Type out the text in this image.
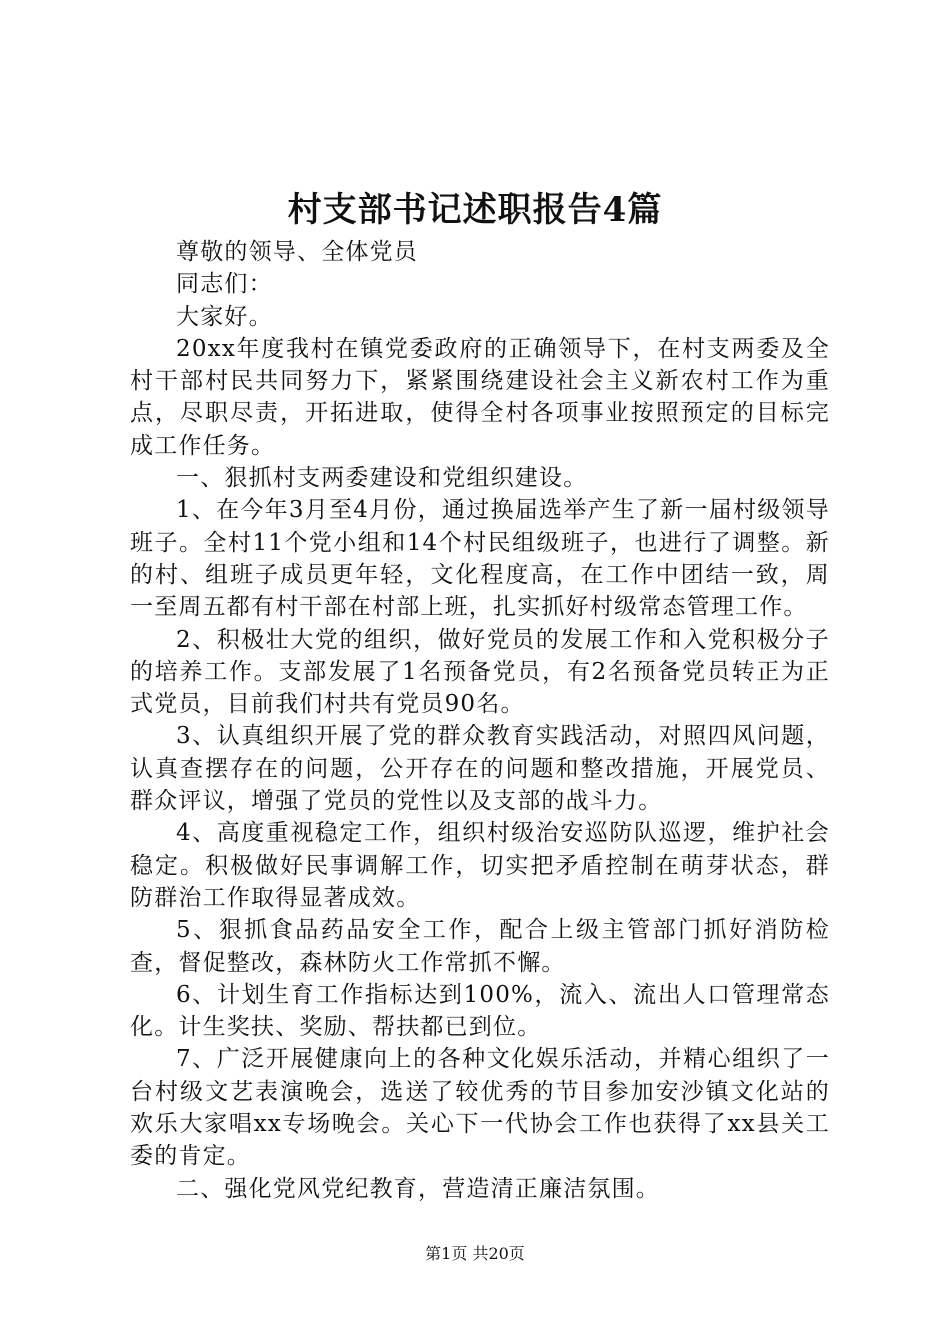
村支部书记述职报告4篇

尊敬的领导、全体党员

同志们：

大家好。

20xx年度我村在镇党委政府的正确领导下，在村支两委及全村干部村民共同努力下，紧紧围绕建设社会主义新农村工作为重点，尽职尽责，开拓进取，使得全村各项事业按照预定的目标完成工作任务。

一、狠抓村支两委建设和党组织建设。

1、在今年3月至4月份，通过换届选举产生了新一届村级领导班子。全村11个党小组和14个村民组级班子，也进行了调整。新的村、组班子成员更年轻，文化程度高，在工作中团结一致，周一至周五都有村干部在村部上班，扎实抓好村级常态管理工作。

2、积极壮大党的组织，做好党员的发展工作和入党积极分子的培养工作。支部发展了1名预备党员，有2名预备党员转正为正式党员，目前我们村共有党员90名。

3、认真组织开展了党的群众教育实践活动，对照四风问题，认真查摆存在的问题，公开存在的问题和整改措施，开展党员、群众评议，增强了党员的党性以及支部的战斗力。

4、高度重视稳定工作，组织村级治安巡防队巡逻，维护社会稳定。积极做好民事调解工作，切实把矛盾控制在萌芽状态，群防群治工作取得显著成效。

5、狠抓食品药品安全工作，配合上级主管部门抓好消防检查，督促整改，森林防火工作常抓不懈。

6、计划生育工作指标达到100%，流入、流出人口管理常态化。计生奖扶、奖励、帮扶都已到位。

7、广泛开展健康向上的各种文化娱乐活动，并精心组织了一台村级文艺表演晚会，选送了较优秀的节目参加安沙镇文化站的欢乐大家唱xx专场晚会。关心下一代协会工作也获得了xx县关工委的肯定。

二、强化党风党纪教育，营造清正廉洁氛围。

第1页 共20页
